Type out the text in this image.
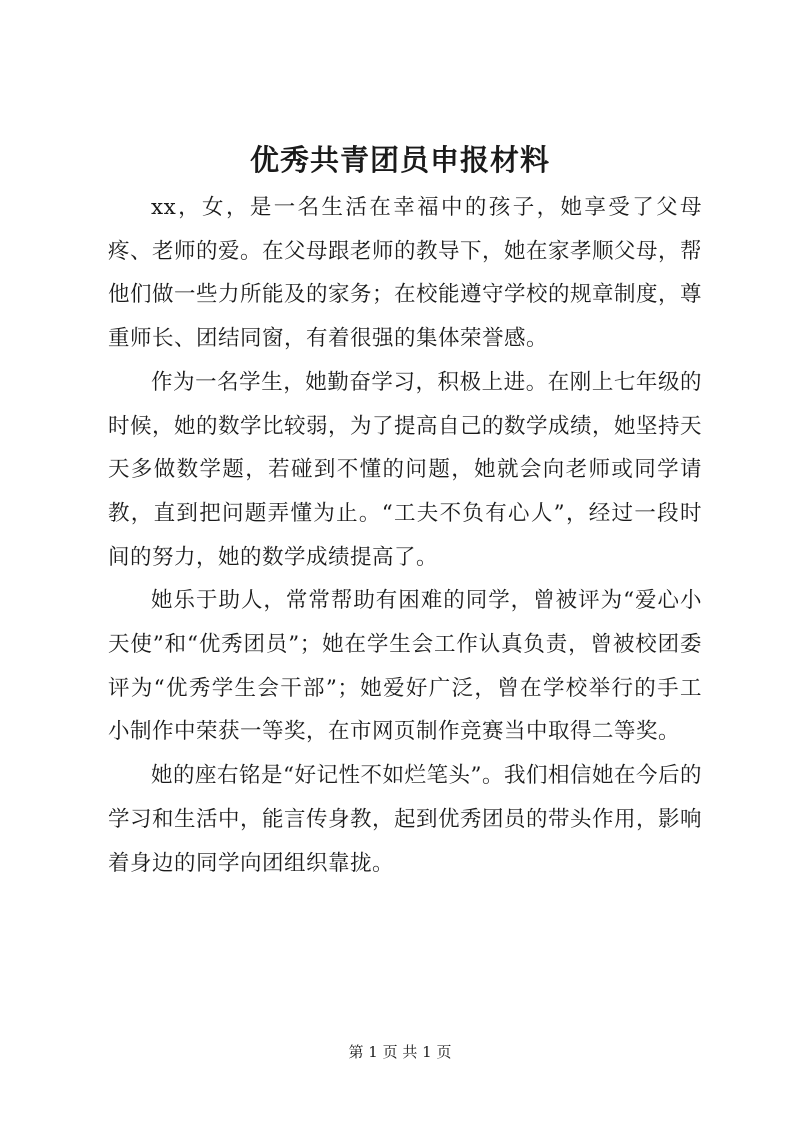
优秀共青团员申报材料

xx，女，是一名生活在幸福中的孩子，她享受了父母疼、老师的爱。在父母跟老师的教导下，她在家孝顺父母，帮他们做一些力所能及的家务；在校能遵守学校的规章制度，尊重师长、团结同窗，有着很强的集体荣誉感。

作为一名学生，她勤奋学习，积极上进。在刚上七年级的时候，她的数学比较弱，为了提高自己的数学成绩，她坚持天天多做数学题，若碰到不懂的问题，她就会向老师或同学请教，直到把问题弄懂为止。“工夫不负有心人”，经过一段时间的努力，她的数学成绩提高了。

她乐于助人，常常帮助有困难的同学，曾被评为“爱心小天使”和“优秀团员”；她在学生会工作认真负责，曾被校团委评为“优秀学生会干部”；她爱好广泛，曾在学校举行的手工小制作中荣获一等奖，在市网页制作竞赛当中取得二等奖。

她的座右铭是“好记性不如烂笔头”。我们相信她在今后的学习和生活中，能言传身教，起到优秀团员的带头作用，影响着身边的同学向团组织靠拢。

第 1 页 共 1 页
